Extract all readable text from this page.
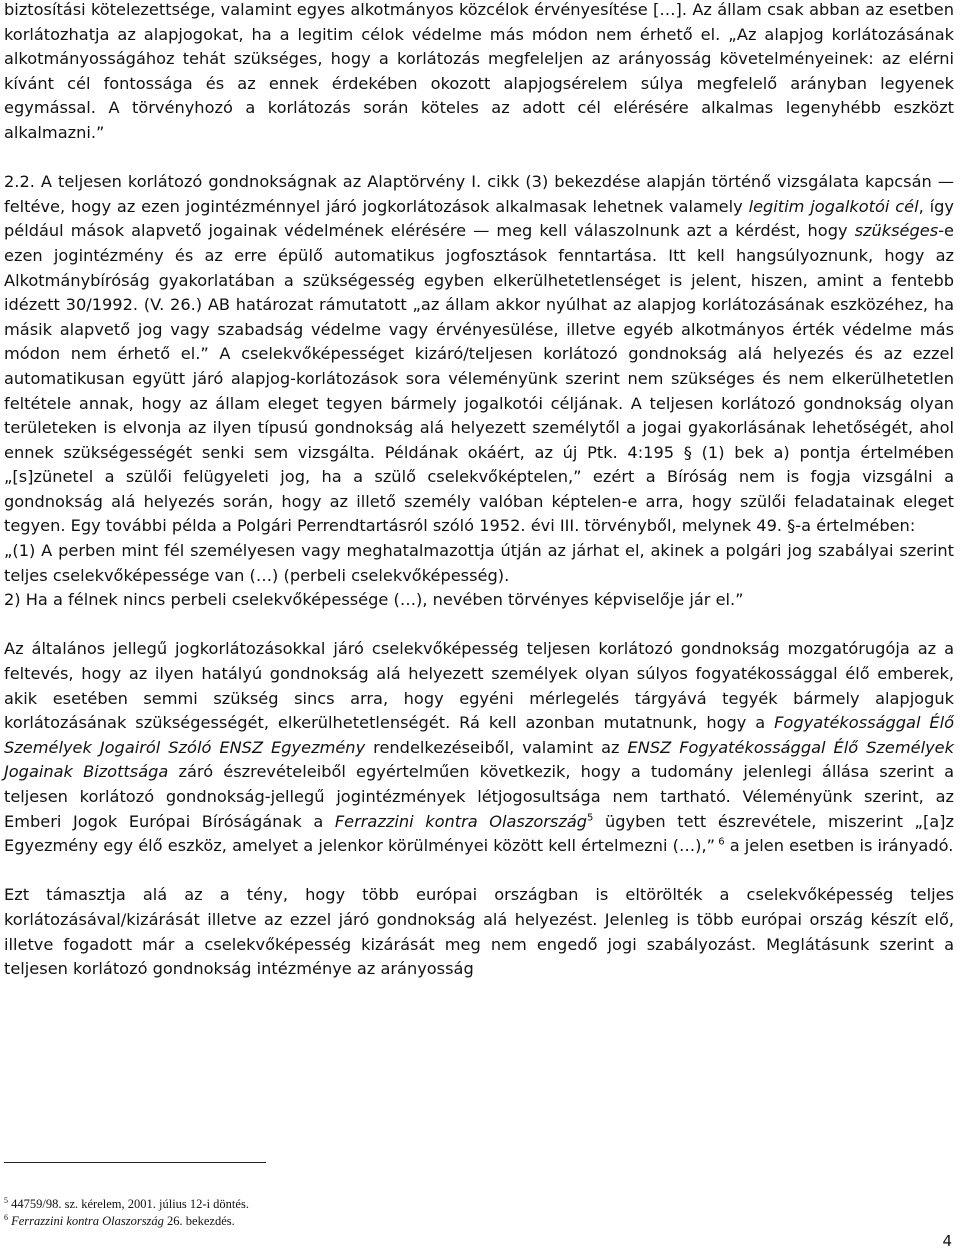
biztosítási kötelezettsége, valamint egyes alkotmányos közcélok érvényesítése […]. Az állam csak abban az esetben korlátozhatja az alapjogokat, ha a legitim célok védelme más módon nem érhető el. „Az alapjog korlátozásának alkotmányosságához tehát szükséges, hogy a korlátozás megfeleljen az arányosság követelményeinek: az elérni kívánt cél fontossága és az ennek érdekében okozott alapjogsérelem súlya megfelelő arányban legyenek egymással. A törvényhozó a korlátozás során köteles az adott cél elérésére alkalmas legenyhébb eszközt alkalmazni.”

2.2. A teljesen korlátozó gondnokságnak az Alaptörvény I. cikk (3) bekezdése alapján történő vizsgálata kapcsán — feltéve, hogy az ezen jogintézménnyel járó jogkorlátozások alkalmasak lehetnek valamely legitim jogalkotói cél, így például mások alapvető jogainak védelmének elérésére — meg kell válaszolnunk azt a kérdést, hogy szükséges-e ezen jogintézmény és az erre épülő automatikus jogfosztások fenntartása. Itt kell hangsúlyoznunk, hogy az Alkotmánybíróság gyakorlatában a szükségesség egyben elkerülhetetlenséget is jelent, hiszen, amint a fentebb idézett 30/1992. (V. 26.) AB határozat rámutatott „az állam akkor nyúlhat az alapjog korlátozásának eszközéhez, ha másik alapvető jog vagy szabadság védelme vagy érvényesülése, illetve egyéb alkotmányos érték védelme más módon nem érhető el.” A cselekvőképességet kizáró/teljesen korlátozó gondnokság alá helyezés és az ezzel automatikusan együtt járó alapjog-korlátozások sora véleményünk szerint nem szükséges és nem elkerülhetetlen feltétele annak, hogy az állam eleget tegyen bármely jogalkotói céljának. A teljesen korlátozó gondnokság olyan területeken is elvonja az ilyen típusú gondnokság alá helyezett személytől a jogai gyakorlásának lehetőségét, ahol ennek szükségességét senki sem vizsgálta. Példának okáért, az új Ptk. 4:195 § (1) bek a) pontja értelmében „[s]zünetel a szülői felügyeleti jog, ha a szülő cselekvőképtelen,” ezért a Bíróság nem is fogja vizsgálni a gondnokság alá helyezés során, hogy az illető személy valóban képtelen-e arra, hogy szülői feladatainak eleget tegyen. Egy további példa a Polgári Perrendtartásról szóló 1952. évi III. törvényből, melynek 49. §-a értelmében:

„(1) A perben mint fél személyesen vagy meghatalmazottja útján az járhat el, akinek a polgári jog szabályai szerint teljes cselekvőképessége van (…) (perbeli cselekvőképesség).

2) Ha a félnek nincs perbeli cselekvőképessége (…), nevében törvényes képviselője jár el.”

Az általános jellegű jogkorlátozásokkal járó cselekvőképesség teljesen korlátozó gondnokság mozgatórugója az a feltevés, hogy az ilyen hatályú gondnokság alá helyezett személyek olyan súlyos fogyatékossággal élő emberek, akik esetében semmi szükség sincs arra, hogy egyéni mérlegelés tárgyává tegyék bármely alapjoguk korlátozásának szükségességét, elkerülhetetlenségét. Rá kell azonban mutatnunk, hogy a Fogyatékossággal Élő Személyek Jogairól Szóló ENSZ Egyezmény rendelkezéseiből, valamint az ENSZ Fogyatékossággal Élő Személyek Jogainak Bizottsága záró észrevételeiből egyértelműen következik, hogy a tudomány jelenlegi állása szerint a teljesen korlátozó gondnokság-jellegű jogintézmények létjogosultsága nem tartható. Véleményünk szerint, az Emberi Jogok Európai Bíróságának a Ferrazzini kontra Olaszország$^5$ ügyben tett észrevétele, miszerint „[a]z Egyezmény egy élő eszköz, amelyet a jelenkor körülményei között kell értelmezni (…),” $^6$ a jelen esetben is irányadó.

Ezt támasztja alá az a tény, hogy több európai országban is eltörölték a cselekvőképesség teljes korlátozásával/kizárását illetve az ezzel járó gondnokság alá helyezést. Jelenleg is több európai ország készít elő, illetve fogadott már a cselekvőképesség kizárását meg nem engedő jogi szabályozást. Meglátásunk szerint a teljesen korlátozó gondnokság intézménye az arányosság

$^5$ 44759/98. sz. kérelem, 2001. július 12-i döntés.

$^6$ Ferrazzini kontra Olaszország 26. bekezdés.

4
